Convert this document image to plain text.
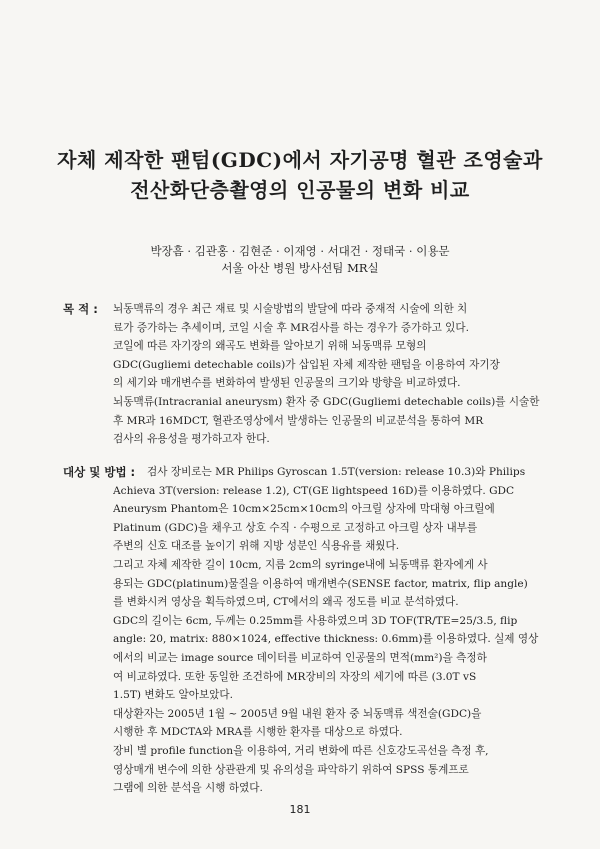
자체 제작한 팬텀(GDC)에서 자기공명 혈관 조영술과
전산화단층촬영의 인공물의 변화 비교
박장흠 · 김관홍 · 김현준 · 이재영 · 서대건 · 정태국 · 이용문
서울 아산 병원 방사선팀 MR실
목 적 : 뇌동맥류의 경우 최근 재료 및 시술방법의 발달에 따라 중재적 시술에 의한 치
료가 증가하는 추세이며, 코일 시술 후 MR검사를 하는 경우가 증가하고 있다.
코일에 따른 자기장의 왜곡도 변화를 알아보기 위해 뇌동맥류 모형의
GDC(Gugliemi detechable coils)가 삽입된 자체 제작한 팬텀을 이용하여 자기장
의 세기와 매개변수를 변화하여 발생된 인공물의 크기와 방향을 비교하였다.
뇌동맥류(Intracranial aneurysm) 환자 중 GDC(Gugliemi detechable coils)를 시술한
후 MR과 16MDCT, 혈관조영상에서 발생하는 인공물의 비교분석을 통하여 MR
검사의 유용성을 평가하고자 한다.
대상 및 방법 :	검사 장비로는 MR Philips Gyroscan 1.5T(version: release 10.3)와 Philips
Achieva 3T(version: release 1.2), CT(GE lightspeed 16D)를 이용하였다. GDC
Aneurysm Phantom은 10cm×25cm×10cm의 아크릴 상자에 막대형 아크릴에
Platinum (GDC)을 채우고 상호 수직 · 수평으로 고정하고 아크릴 상자 내부를
주변의 신호 대조를 높이기 위해 지방 성분인 식용유를 채웠다.
그리고 자체 제작한 길이 10cm, 지름 2cm의 syringe내에 뇌동맥류 환자에게 사
용되는 GDC(platinum)물질을 이용하여 매개변수(SENSE factor, matrix, flip angle)
를 변화시켜 영상을 획득하였으며, CT에서의 왜곡 정도를 비교 분석하였다.
GDC의 길이는 6cm, 두께는 0.25mm를 사용하였으며 3D TOF(TR/TE=25/3.5, flip
angle: 20, matrix: 880×1024, effective thickness: 0.6mm)를 이용하였다. 실제 영상
에서의 비교는 image source 데이터를 비교하여 인공물의 면적(mm²)을 측정하
여 비교하였다. 또한 동일한 조건하에 MR장비의 자장의 세기에 따른 (3.0T vS
1.5T) 변화도 알아보았다.
대상환자는 2005년 1월 ~ 2005년 9월 내원 환자 중 뇌동맥류 색전술(GDC)을
시행한 후 MDCTA와 MRA를 시행한 환자를 대상으로 하였다.
장비 별 profile function을 이용하여, 거리 변화에 따른 신호강도곡선을 측정 후,
영상매개 변수에 의한 상관관계 및 유의성을 파악하기 위하여 SPSS 통계프로
그램에 의한 분석을 시행 하였다.
181
